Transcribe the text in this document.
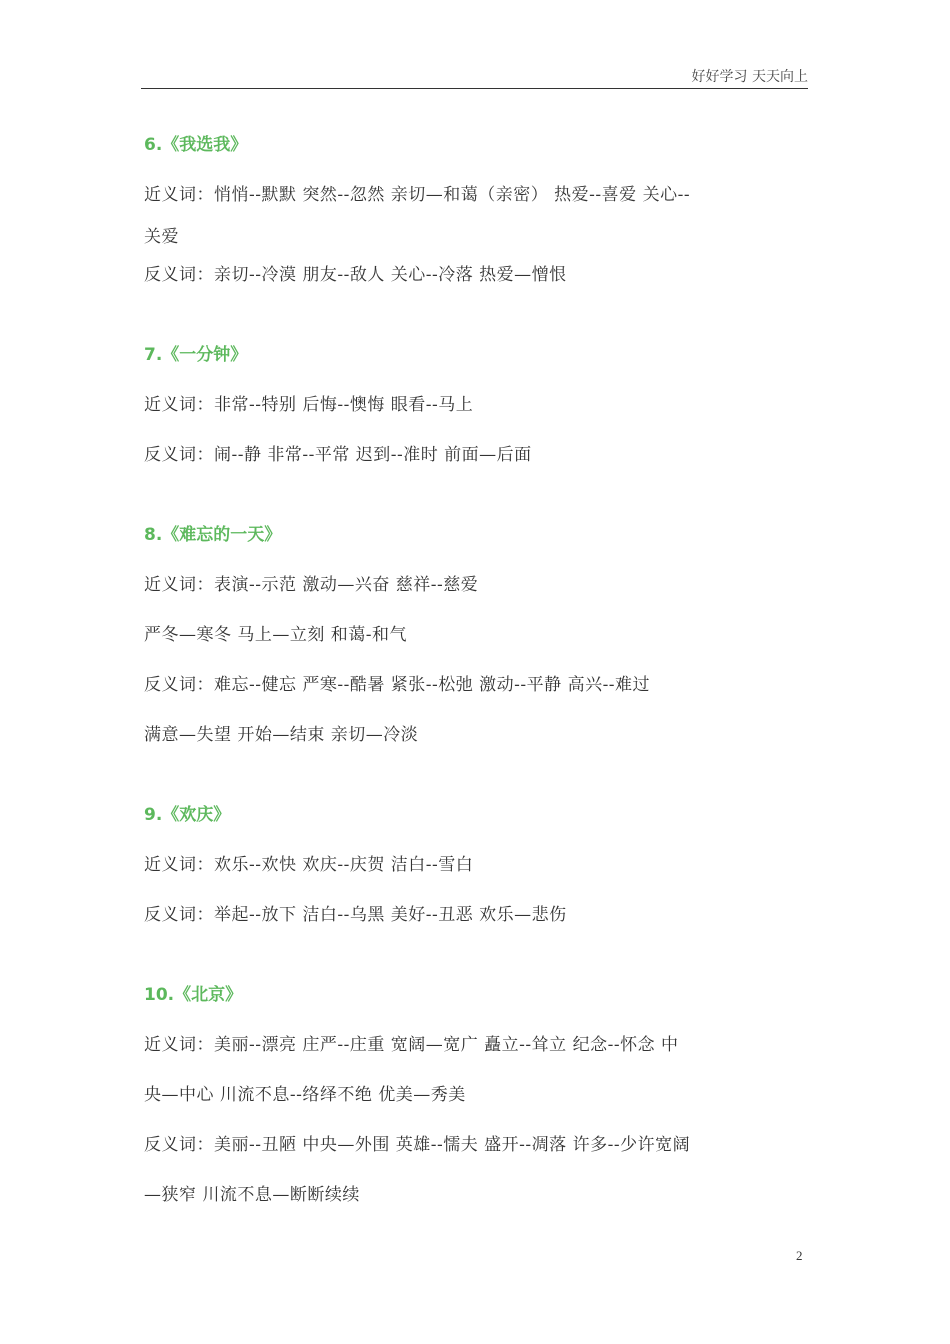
好好学习 天天向上
6.《我选我》
近义词：悄悄--默默 突然--忽然 亲切—和蔼（亲密） 热爱--喜爱 关心--
关爱
反义词：亲切--冷漠 朋友--敌人 关心--冷落 热爱—憎恨
7.《一分钟》
近义词：非常--特别 后悔--懊悔 眼看--马上
反义词：闹--静 非常--平常 迟到--准时 前面—后面
8.《难忘的一天》
近义词：表演--示范 激动—兴奋 慈祥--慈爱
严冬—寒冬 马上—立刻 和蔼-和气
反义词：难忘--健忘 严寒--酷暑 紧张--松弛 激动--平静 高兴--难过
满意—失望 开始—结束 亲切—冷淡
9.《欢庆》
近义词：欢乐--欢快 欢庆--庆贺 洁白--雪白
反义词：举起--放下 洁白--乌黑 美好--丑恶 欢乐—悲伤
10.《北京》
近义词：美丽--漂亮 庄严--庄重 宽阔—宽广 矗立--耸立 纪念--怀念 中
央—中心 川流不息--络绎不绝 优美—秀美
反义词：美丽--丑陋 中央—外围 英雄--懦夫 盛开--凋落 许多--少许宽阔
—狭窄 川流不息—断断续续
2
